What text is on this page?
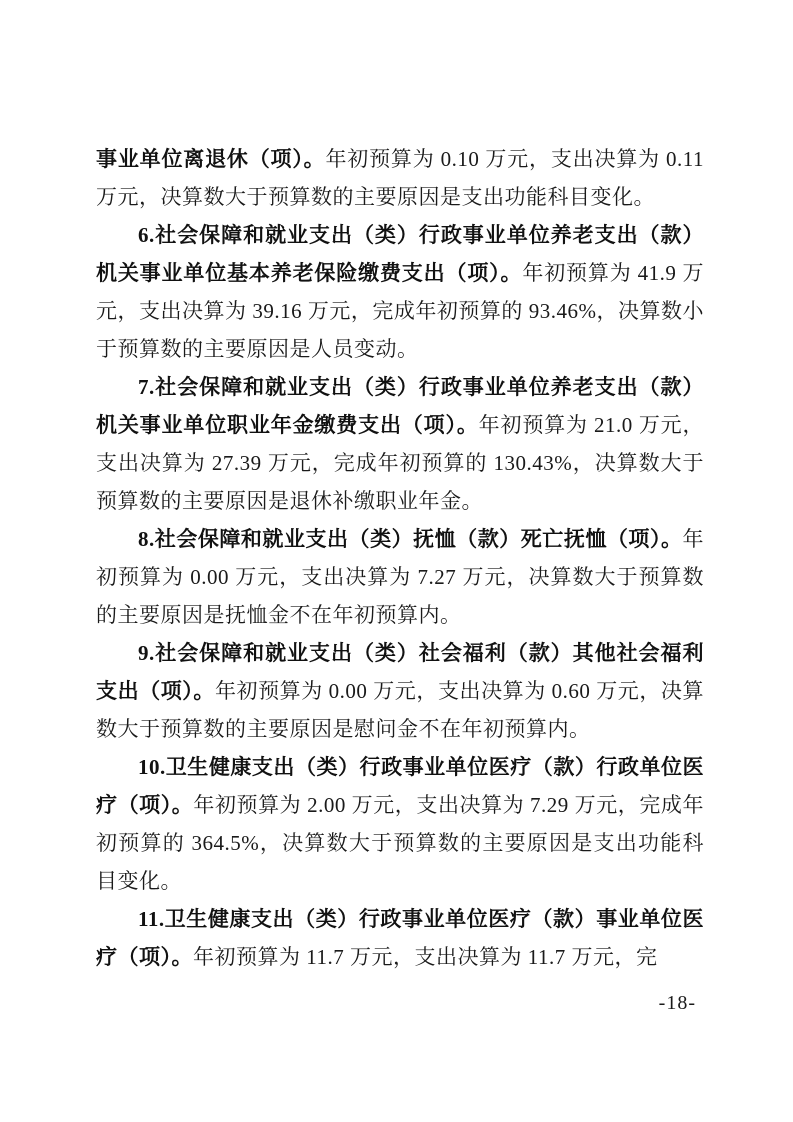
事业单位离退休（项）。年初预算为 0.10 万元，支出决算为 0.11 万元，决算数大于预算数的主要原因是支出功能科目变化。

6.社会保障和就业支出（类）行政事业单位养老支出（款）机关事业单位基本养老保险缴费支出（项）。年初预算为 41.9 万元，支出决算为 39.16 万元，完成年初预算的 93.46%，决算数小于预算数的主要原因是人员变动。

7.社会保障和就业支出（类）行政事业单位养老支出（款）机关事业单位职业年金缴费支出（项）。年初预算为 21.0 万元，支出决算为 27.39 万元，完成年初预算的 130.43%，决算数大于预算数的主要原因是退休补缴职业年金。

8.社会保障和就业支出（类）抚恤（款）死亡抚恤（项）。年初预算为 0.00 万元，支出决算为 7.27 万元，决算数大于预算数的主要原因是抚恤金不在年初预算内。

9.社会保障和就业支出（类）社会福利（款）其他社会福利支出（项）。年初预算为 0.00 万元，支出决算为 0.60 万元，决算数大于预算数的主要原因是慰问金不在年初预算内。

10.卫生健康支出（类）行政事业单位医疗（款）行政单位医疗（项）。年初预算为 2.00 万元，支出决算为 7.29 万元，完成年初预算的 364.5%，决算数大于预算数的主要原因是支出功能科目变化。

11.卫生健康支出（类）行政事业单位医疗（款）事业单位医疗（项）。年初预算为 11.7 万元，支出决算为 11.7 万元，完

-18-
